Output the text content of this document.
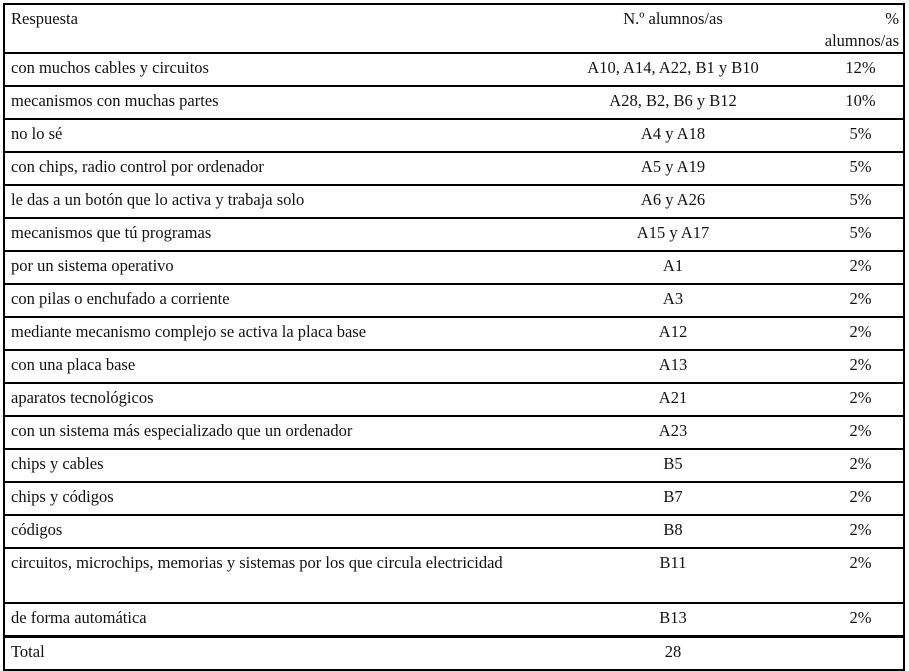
Respuesta	N.º alumnos/as	% alumnos/as
con muchos cables y circuitos	A10, A14, A22, B1 y B10	12%
mecanismos con muchas partes	A28, B2, B6 y B12	10%
no lo sé	A4 y A18	5%
con chips, radio control por ordenador	A5 y A19	5%
le das a un botón que lo activa y trabaja solo	A6 y A26	5%
mecanismos que tú programas	A15 y A17	5%
por un sistema operativo	A1	2%
con pilas o enchufado a corriente	A3	2%
mediante mecanismo complejo se activa la placa base	A12	2%
con una placa base	A13	2%
aparatos tecnológicos	A21	2%
con un sistema más especializado que un ordenador	A23	2%
chips y cables	B5	2%
chips y códigos	B7	2%
códigos	B8	2%
circuitos, microchips, memorias y sistemas por los que circula electricidad	B11	2%
de forma automática	B13	2%
Total	28	
